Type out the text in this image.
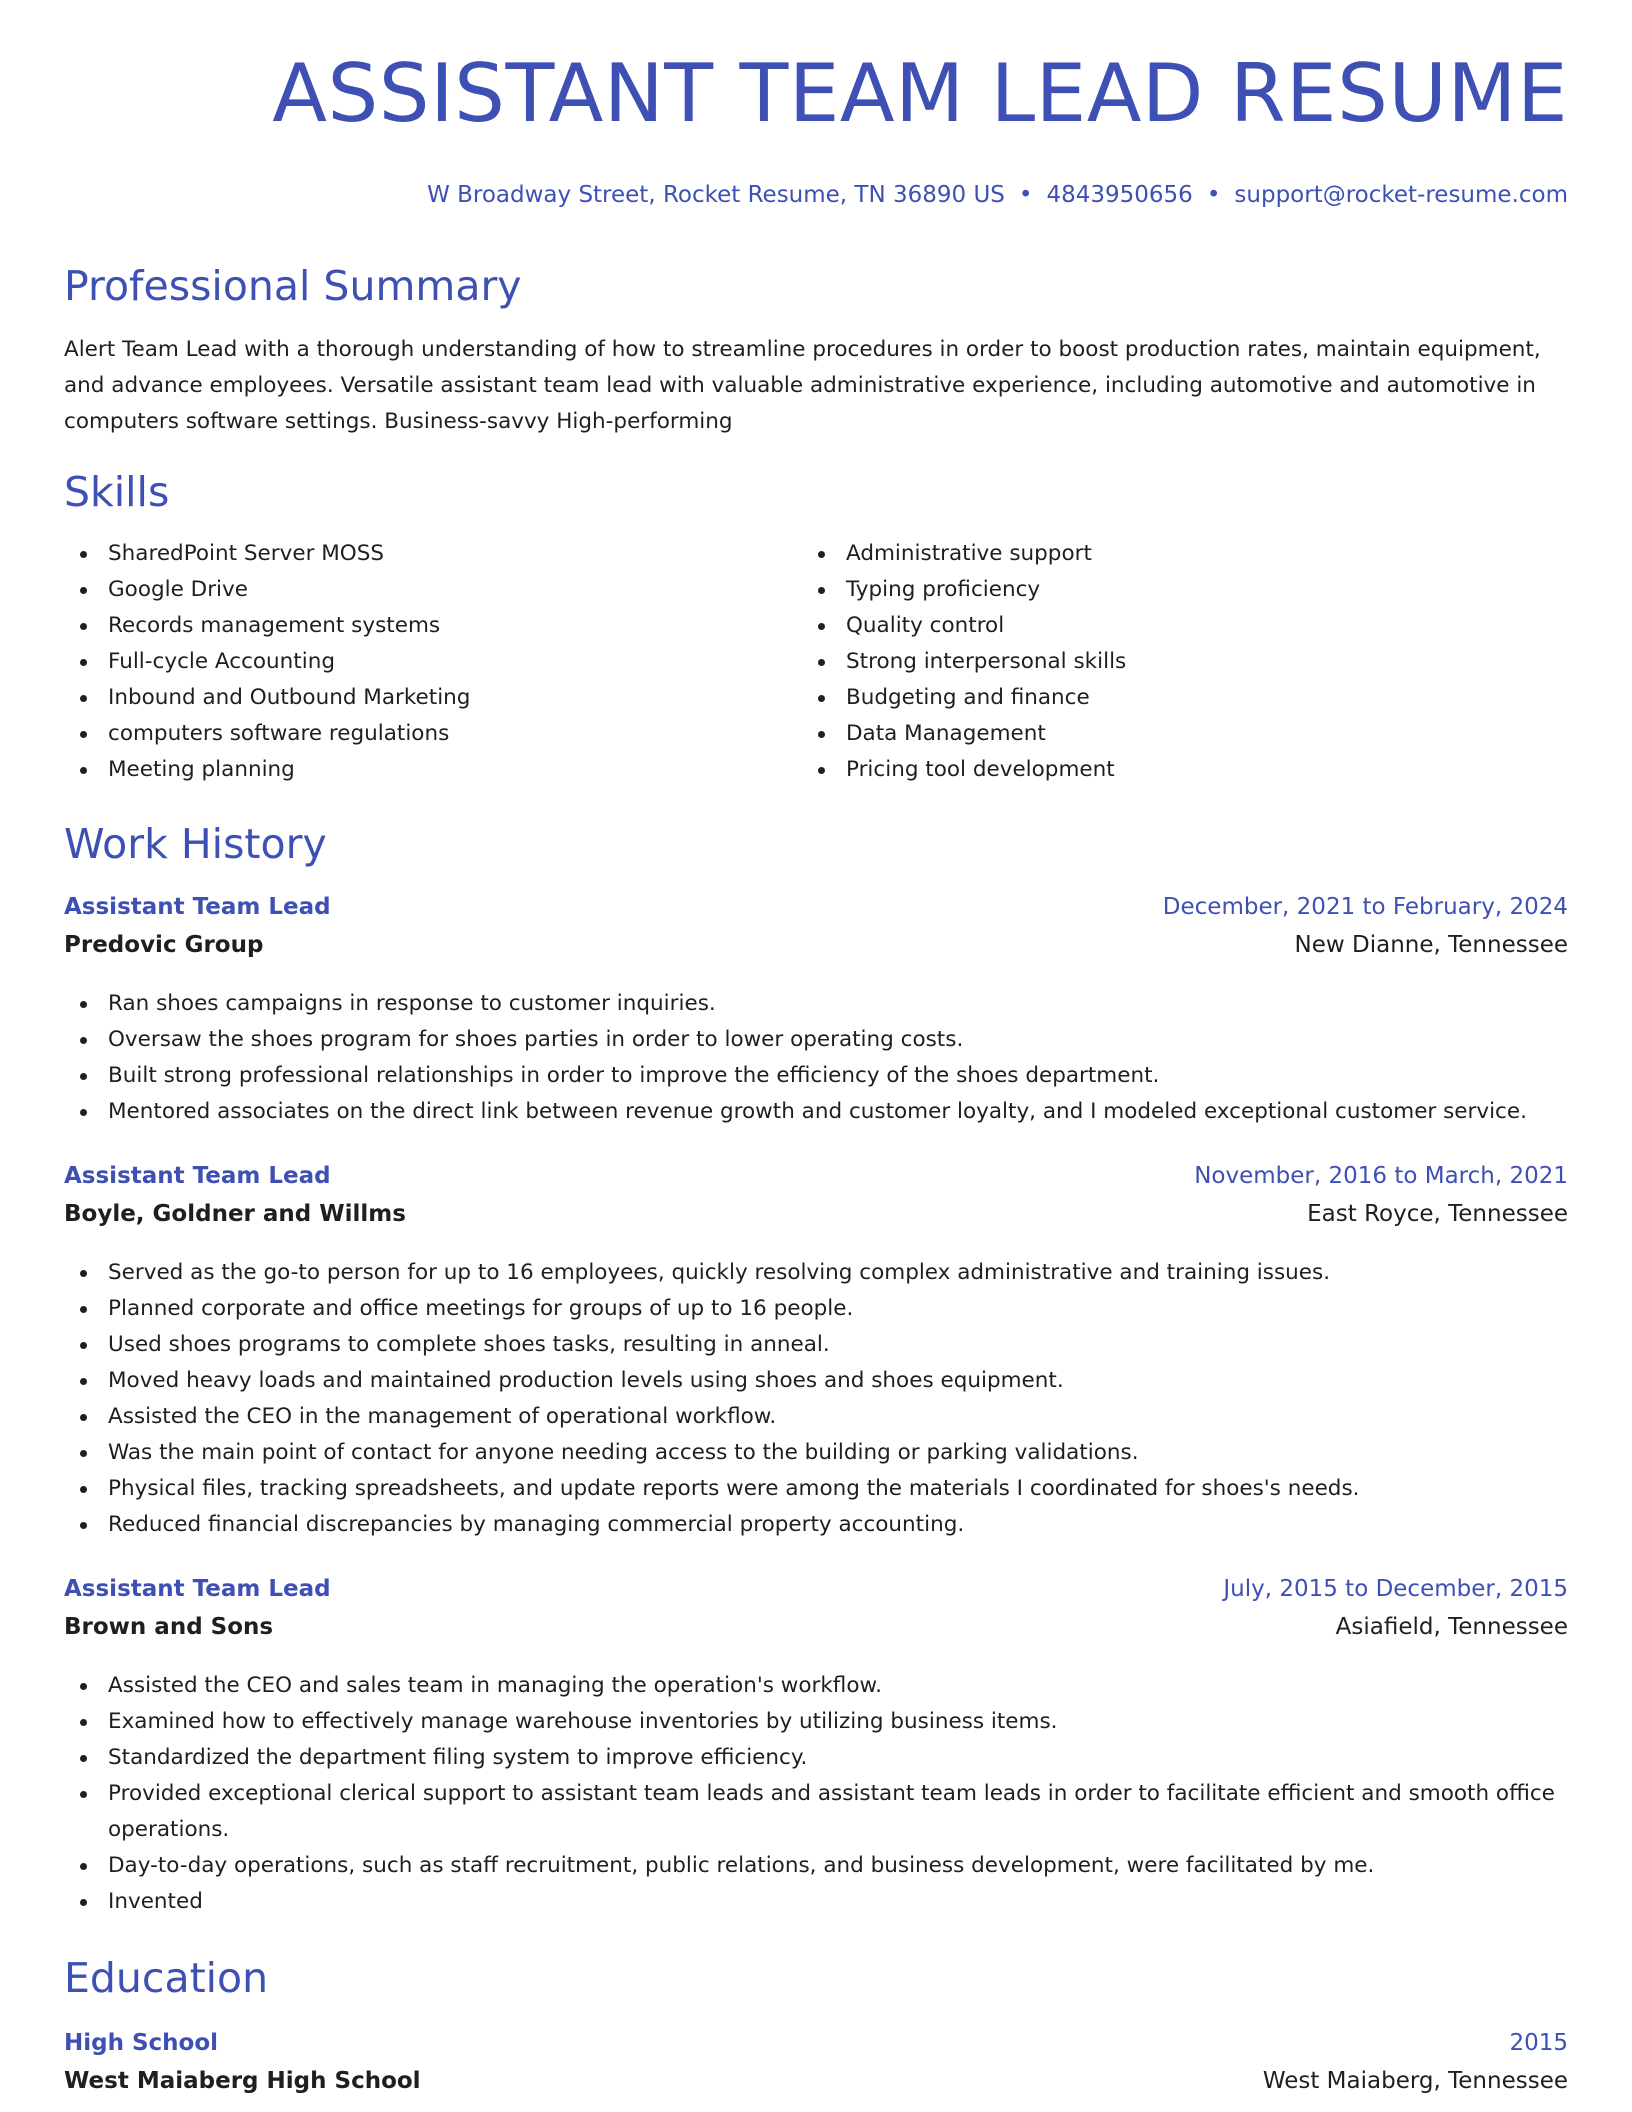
ASSISTANT TEAM LEAD RESUME
W Broadway Street, Rocket Resume, TN 36890 US • 4843950656 • support@rocket-resume.com
Professional Summary

Alert Team Lead with a thorough understanding of how to streamline procedures in order to boost production rates, maintain equipment, and advance employees. Versatile assistant team lead with valuable administrative experience, including automotive and automotive in computers software settings. Business-savvy High-performing

Skills
SharedPoint Server MOSS
Google Drive
Records management systems
Full-cycle Accounting
Inbound and Outbound Marketing
computers software regulations
Meeting planning
Administrative support
Typing proficiency
Quality control
Strong interpersonal skills
Budgeting and finance
Data Management
Pricing tool development
Work History
Assistant Team Lead	December, 2021 to February, 2024
Predovic Group	New Dianne, Tennessee
Ran shoes campaigns in response to customer inquiries.
Oversaw the shoes program for shoes parties in order to lower operating costs.
Built strong professional relationships in order to improve the efficiency of the shoes department.
Mentored associates on the direct link between revenue growth and customer loyalty, and I modeled exceptional customer service.
Assistant Team Lead	November, 2016 to March, 2021
Boyle, Goldner and Willms	East Royce, Tennessee
Served as the go-to person for up to 16 employees, quickly resolving complex administrative and training issues.
Planned corporate and office meetings for groups of up to 16 people.
Used shoes programs to complete shoes tasks, resulting in anneal.
Moved heavy loads and maintained production levels using shoes and shoes equipment.
Assisted the CEO in the management of operational workflow.
Was the main point of contact for anyone needing access to the building or parking validations.
Physical files, tracking spreadsheets, and update reports were among the materials I coordinated for shoes's needs.
Reduced financial discrepancies by managing commercial property accounting.
Assistant Team Lead	July, 2015 to December, 2015
Brown and Sons	Asiafield, Tennessee
Assisted the CEO and sales team in managing the operation's workflow.
Examined how to effectively manage warehouse inventories by utilizing business items.
Standardized the department filing system to improve efficiency.
Provided exceptional clerical support to assistant team leads and assistant team leads in order to facilitate efficient and smooth office operations.
Day-to-day operations, such as staff recruitment, public relations, and business development, were facilitated by me.
Invented
Education
High School	2015
West Maiaberg High School	West Maiaberg, Tennessee
